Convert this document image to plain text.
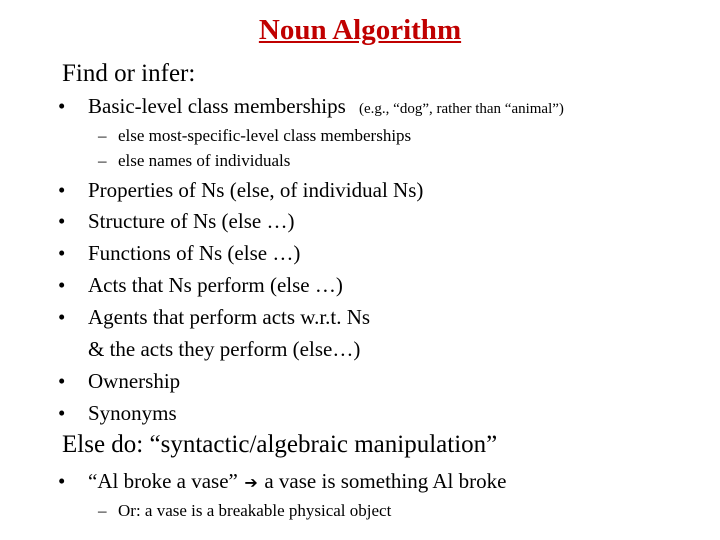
Noun Algorithm
Find or infer:
• Basic-level class memberships (e.g., “dog”, rather than “animal”)
– else most-specific-level class memberships
– else names of individuals
• Properties of Ns (else, of individual Ns)
• Structure of Ns (else …)
• Functions of Ns (else …)
• Acts that Ns perform (else …)
• Agents that perform acts w.r.t. Ns
& the acts they perform (else…)
• Ownership
• Synonyms
Else do: “syntactic/algebraic manipulation”
• “Al broke a vase” ➔ a vase is something Al broke
– Or: a vase is a breakable physical object
